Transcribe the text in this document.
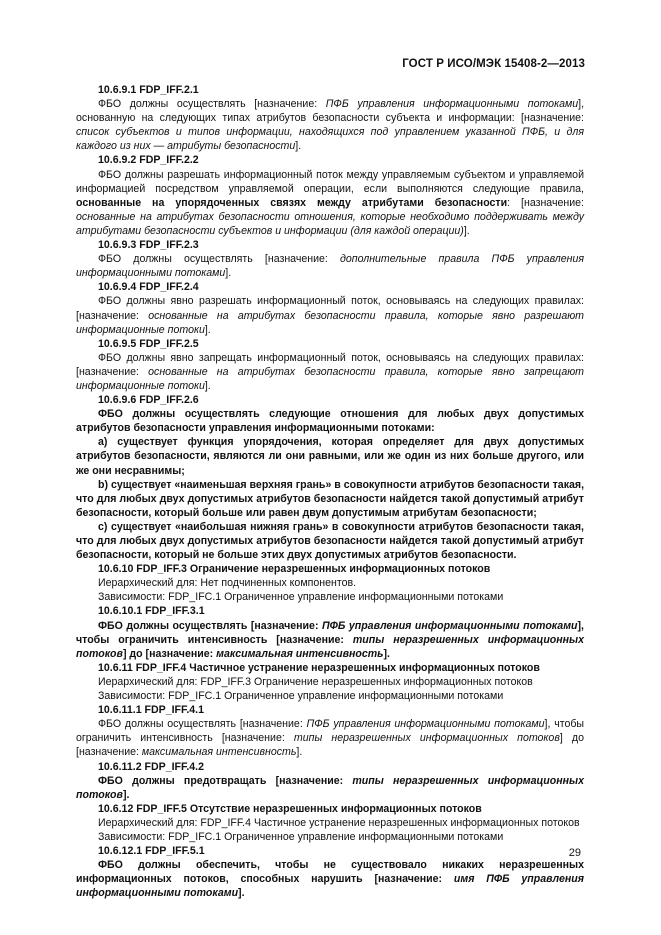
ГОСТ Р ИСО/МЭК 15408-2—2013

10.6.9.1 FDP_IFF.2.1

ФБО должны осуществлять [назначение: ПФБ управления информационными потоками], основанную на следующих типах атрибутов безопасности субъекта и информации: [назначение: список субъектов и типов информации, находящихся под управлением указанной ПФБ, и для каждого из них — атрибуты безопасности].

10.6.9.2 FDP_IFF.2.2

ФБО должны разрешать информационный поток между управляемым субъектом и управляемой информацией посредством управляемой операции, если выполняются следующие правила, основанные на упорядоченных связях между атрибутами безопасности: [назначение: основанные на атрибутах безопасности отношения, которые необходимо поддерживать между атрибутами безопасности субъектов и информации (для каждой операции)].

10.6.9.3 FDP_IFF.2.3

ФБО должны осуществлять [назначение: дополнительные правила ПФБ управления информационными потоками].

10.6.9.4 FDP_IFF.2.4

ФБО должны явно разрешать информационный поток, основываясь на следующих правилах: [назначение: основанные на атрибутах безопасности правила, которые явно разрешают информационные потоки].

10.6.9.5 FDP_IFF.2.5

ФБО должны явно запрещать информационный поток, основываясь на следующих правилах: [назначение: основанные на атрибутах безопасности правила, которые явно запрещают информационные потоки].

10.6.9.6 FDP_IFF.2.6

ФБО должны осуществлять следующие отношения для любых двух допустимых атрибутов безопасности управления информационными потоками:

a) существует функция упорядочения, которая определяет для двух допустимых атрибутов безопасности, являются ли они равными, или же один из них больше другого, или же они несравнимы;

b) существует «наименьшая верхняя грань» в совокупности атрибутов безопасности такая, что для любых двух допустимых атрибутов безопасности найдется такой допустимый атрибут безопасности, который больше или равен двум допустимым атрибутам безопасности;

c) существует «наибольшая нижняя грань» в совокупности атрибутов безопасности такая, что для любых двух допустимых атрибутов безопасности найдется такой допустимый атрибут безопасности, который не больше этих двух допустимых атрибутов безопасности.

10.6.10 FDP_IFF.3 Ограничение неразрешенных информационных потоков

Иерархический для: Нет подчиненных компонентов.

Зависимости: FDP_IFC.1 Ограниченное управление информационными потоками

10.6.10.1 FDP_IFF.3.1

ФБО должны осуществлять [назначение: ПФБ управления информационными потоками], чтобы ограничить интенсивность [назначение: типы неразрешенных информационных потоков] до [назначение: максимальная интенсивность].

10.6.11 FDP_IFF.4 Частичное устранение неразрешенных информационных потоков

Иерархический для: FDP_IFF.3 Ограничение неразрешенных информационных потоков

Зависимости: FDP_IFC.1 Ограниченное управление информационными потоками

10.6.11.1 FDP_IFF.4.1

ФБО должны осуществлять [назначение: ПФБ управления информационными потоками], чтобы ограничить интенсивность [назначение: типы неразрешенных информационных потоков] до [назначение: максимальная интенсивность].

10.6.11.2 FDP_IFF.4.2

ФБО должны предотвращать [назначение: типы неразрешенных информационных потоков].

10.6.12 FDP_IFF.5 Отсутствие неразрешенных информационных потоков

Иерархический для: FDP_IFF.4 Частичное устранение неразрешенных информационных потоков

Зависимости: FDP_IFC.1 Ограниченное управление информационными потоками

10.6.12.1 FDP_IFF.5.1

ФБО должны обеспечить, чтобы не существовало никаких неразрешенных информационных потоков, способных нарушить [назначение: имя ПФБ управления информационными потоками].

29
